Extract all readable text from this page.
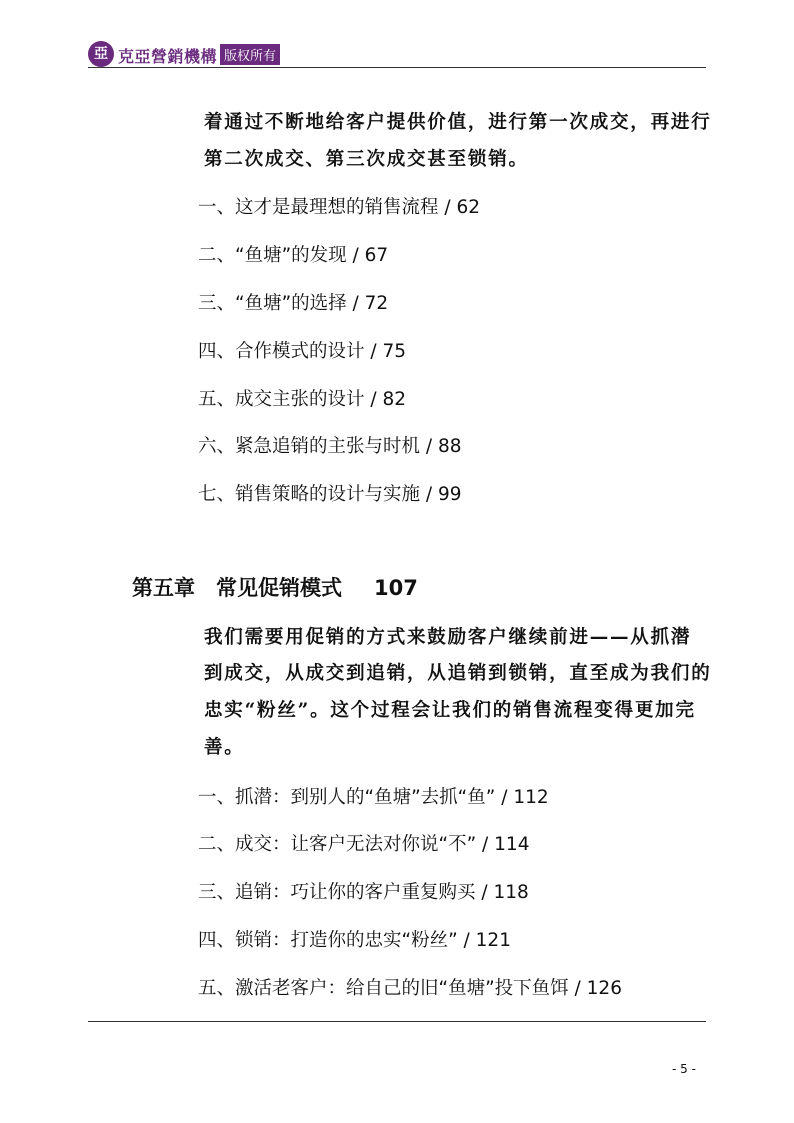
亞 克亞營銷機構 版权所有
着通过不断地给客户提供价值，进行第一次成交，再进行
第二次成交、第三次成交甚至锁销。
一、这才是最理想的销售流程 / 62
二、“鱼塘”的发现 / 67
三、“鱼塘”的选择 / 72
四、合作模式的设计 / 75
五、成交主张的设计 / 82
六、紧急追销的主张与时机 / 88
七、销售策略的设计与实施 / 99
第五章　常见促销模式 107
我们需要用促销的方式来鼓励客户继续前进——从抓潜
到成交，从成交到追销，从追销到锁销，直至成为我们的
忠实“粉丝”。这个过程会让我们的销售流程变得更加完
善。
一、抓潜：到别人的“鱼塘”去抓“鱼” / 112
二、成交：让客户无法对你说“不” / 114
三、追销：巧让你的客户重复购买 / 118
四、锁销：打造你的忠实“粉丝” / 121
五、激活老客户：给自己的旧“鱼塘”投下鱼饵 / 126
- 5 -
